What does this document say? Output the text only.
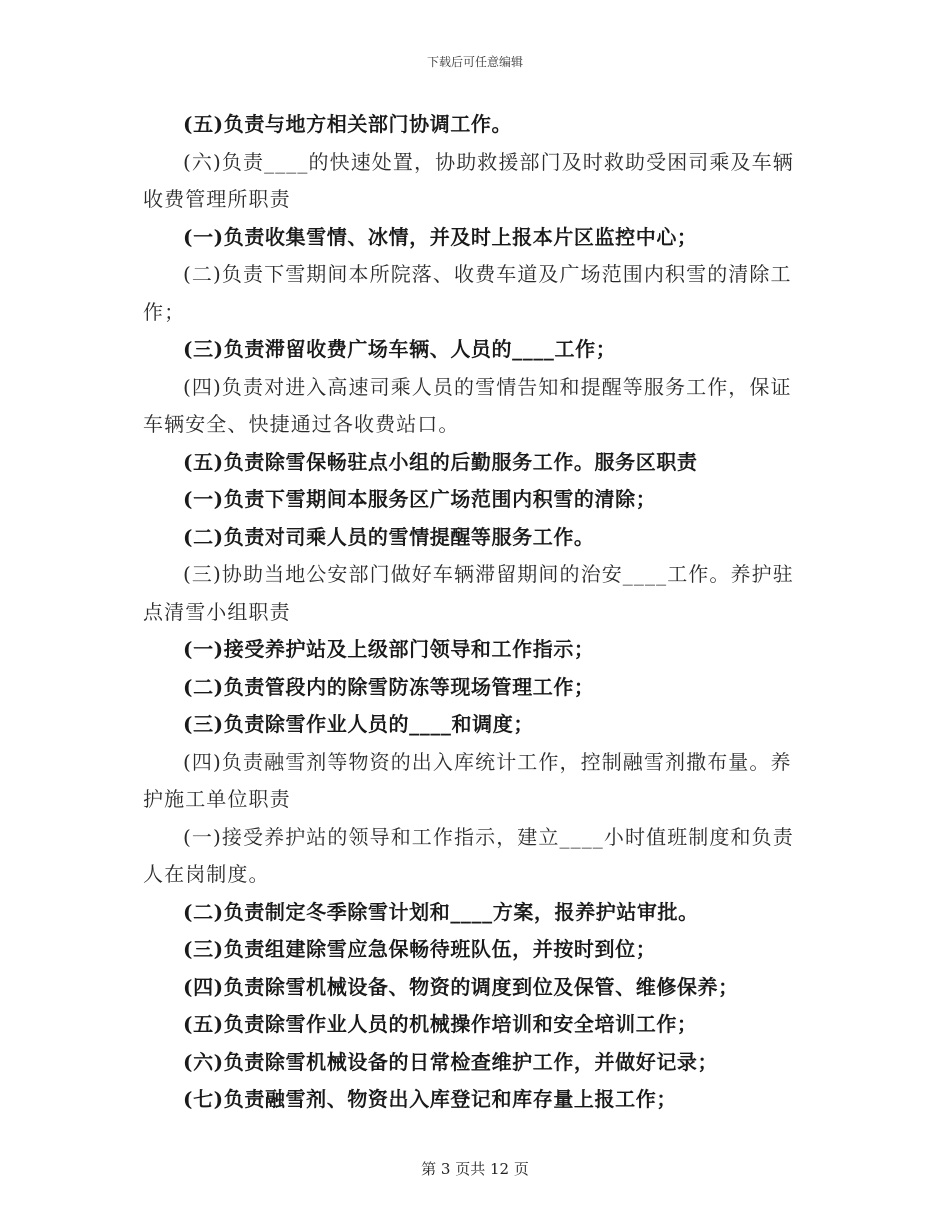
下载后可任意编辑

(五)负责与地方相关部门协调工作。

(六)负责____的快速处置，协助救援部门及时救助受困司乘及车辆收费管理所职责

(一)负责收集雪情、冰情，并及时上报本片区监控中心；

(二)负责下雪期间本所院落、收费车道及广场范围内积雪的清除工作；

(三)负责滞留收费广场车辆、人员的____工作；

(四)负责对进入高速司乘人员的雪情告知和提醒等服务工作，保证车辆安全、快捷通过各收费站口。

(五)负责除雪保畅驻点小组的后勤服务工作。服务区职责

(一)负责下雪期间本服务区广场范围内积雪的清除；

(二)负责对司乘人员的雪情提醒等服务工作。

(三)协助当地公安部门做好车辆滞留期间的治安____工作。养护驻点清雪小组职责

(一)接受养护站及上级部门领导和工作指示；

(二)负责管段内的除雪防冻等现场管理工作；

(三)负责除雪作业人员的____和调度；

(四)负责融雪剂等物资的出入库统计工作，控制融雪剂撒布量。养护施工单位职责

(一)接受养护站的领导和工作指示，建立____小时值班制度和负责人在岗制度。

(二)负责制定冬季除雪计划和____方案，报养护站审批。

(三)负责组建除雪应急保畅待班队伍，并按时到位；

(四)负责除雪机械设备、物资的调度到位及保管、维修保养；

(五)负责除雪作业人员的机械操作培训和安全培训工作；

(六)负责除雪机械设备的日常检查维护工作，并做好记录；

(七)负责融雪剂、物资出入库登记和库存量上报工作；

第 3 页共 12 页
